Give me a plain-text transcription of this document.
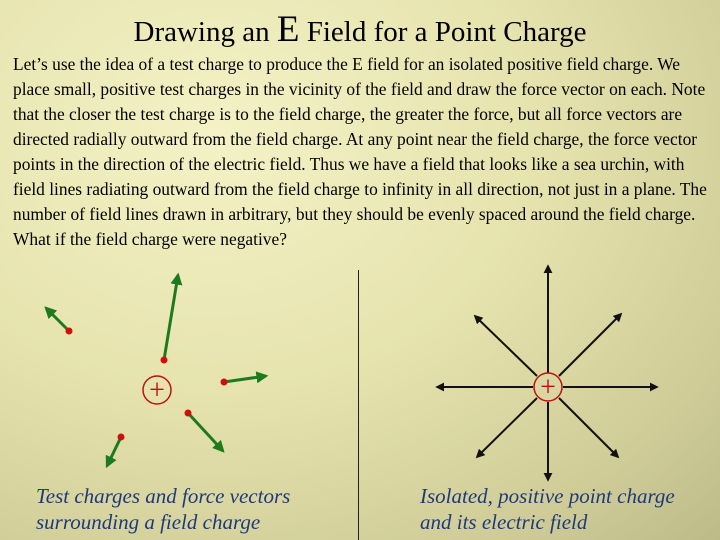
Drawing an E Field for a Point Charge

Let’s use the idea of a test charge to produce the E field for an isolated positive field charge. We place small, positive test charges in the vicinity of the field and draw the force vector on each. Note that the closer the test charge is to the field charge, the greater the force, but all force vectors are directed radially outward from the field charge. At any point near the field charge, the force vector points in the direction of the electric field. Thus we have a field that looks like a sea urchin, with field lines radiating outward from the field charge to infinity in all direction, not just in a plane. The number of field lines drawn in arbitrary, but they should be evenly spaced around the field charge. What if the field charge were negative?

+	+
Test charges and force vectors
surrounding a field charge
Isolated, positive point charge
and its electric field
